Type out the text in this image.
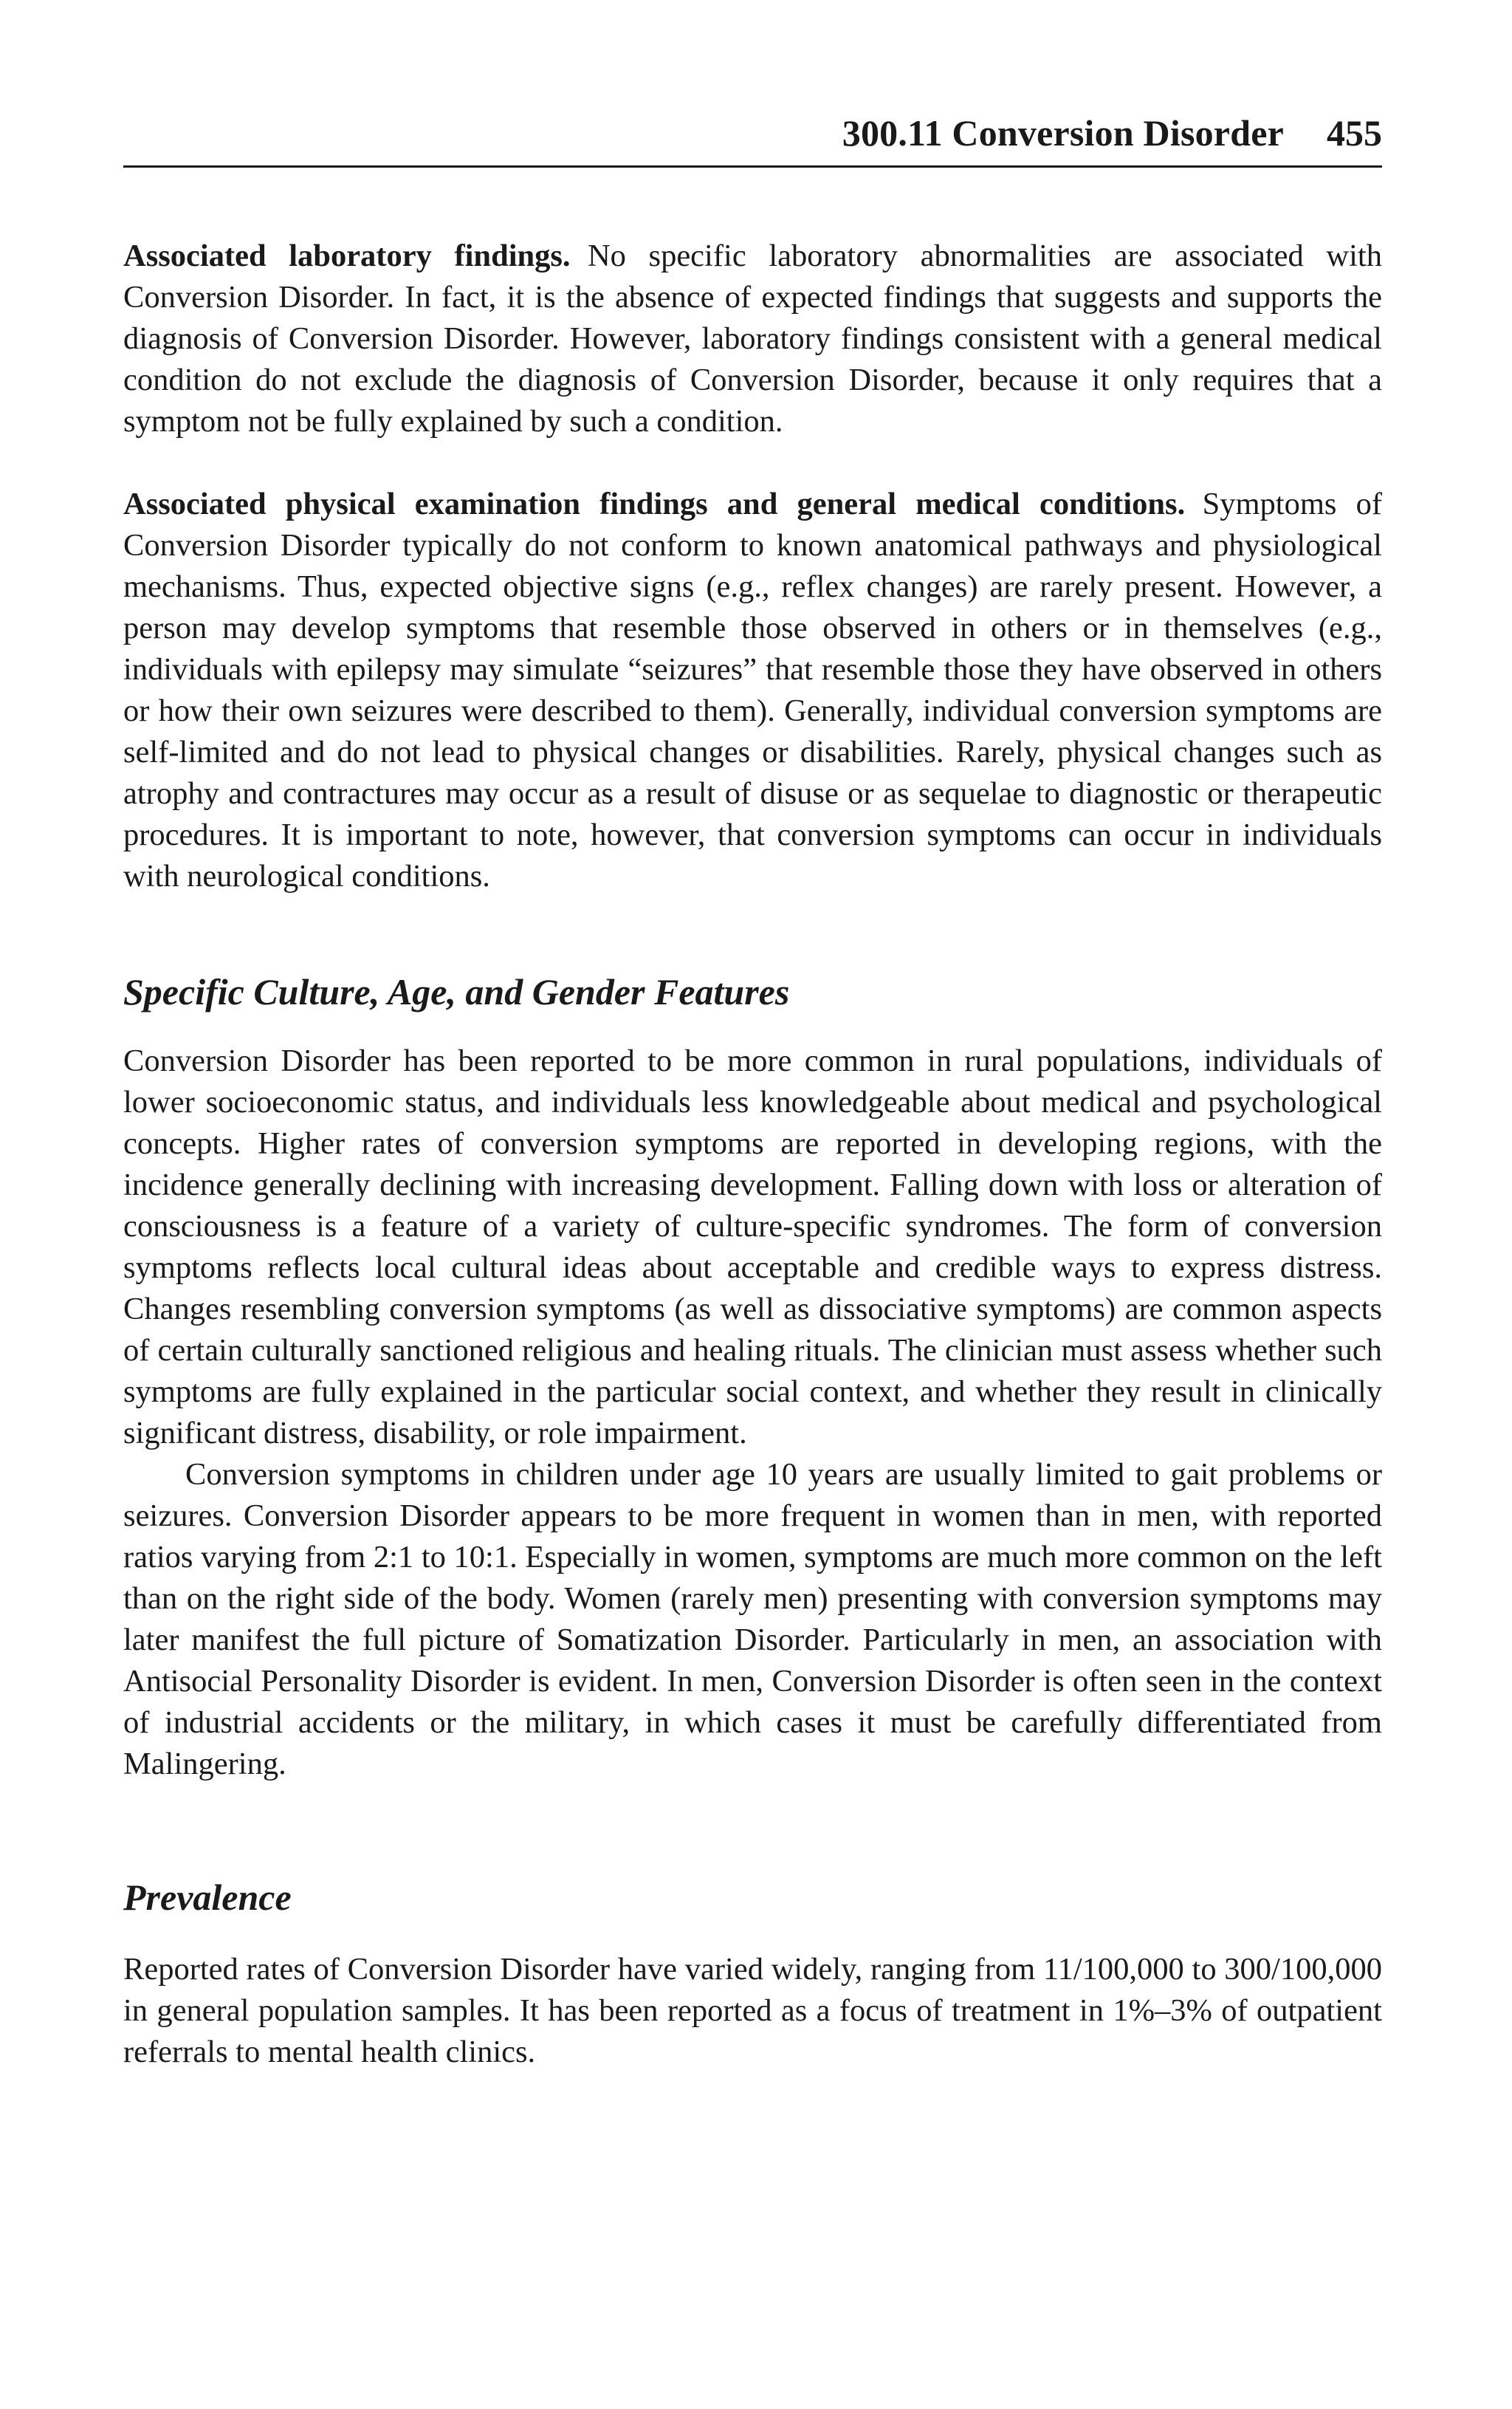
300.11 Conversion Disorder 455

Associated laboratory findings. No specific laboratory abnormalities are associated with Conversion Disorder. In fact, it is the absence of expected findings that suggests and supports the diagnosis of Conversion Disorder. However, laboratory findings consistent with a general medical condition do not exclude the diagnosis of Conversion Disorder, because it only requires that a symptom not be fully explained by such a condition.

Associated physical examination findings and general medical conditions. Symptoms of Conversion Disorder typically do not conform to known anatomical pathways and physiological mechanisms. Thus, expected objective signs (e.g., reflex changes) are rarely present. However, a person may develop symptoms that resemble those observed in others or in themselves (e.g., individuals with epilepsy may simulate “seizures” that resemble those they have observed in others or how their own seizures were described to them). Generally, individual conversion symptoms are self-limited and do not lead to physical changes or disabilities. Rarely, physical changes such as atrophy and contractures may occur as a result of disuse or as sequelae to diagnostic or therapeutic procedures. It is important to note, however, that conversion symptoms can occur in individuals with neurological conditions.

Specific Culture, Age, and Gender Features

Conversion Disorder has been reported to be more common in rural populations, individuals of lower socioeconomic status, and individuals less knowledgeable about medical and psychological concepts. Higher rates of conversion symptoms are reported in developing regions, with the incidence generally declining with increasing development. Falling down with loss or alteration of consciousness is a feature of a variety of culture-specific syndromes. The form of conversion symptoms reflects local cultural ideas about acceptable and credible ways to express distress. Changes resembling conversion symptoms (as well as dissociative symptoms) are common aspects of certain culturally sanctioned religious and healing rituals. The clinician must assess whether such symptoms are fully explained in the particular social context, and whether they result in clinically significant distress, disability, or role impairment.

Conversion symptoms in children under age 10 years are usually limited to gait problems or seizures. Conversion Disorder appears to be more frequent in women than in men, with reported ratios varying from 2:1 to 10:1. Especially in women, symptoms are much more common on the left than on the right side of the body. Women (rarely men) presenting with conversion symptoms may later manifest the full picture of Somatization Disorder. Particularly in men, an association with Antisocial Personality Disorder is evident. In men, Conversion Disorder is often seen in the context of industrial accidents or the military, in which cases it must be carefully differentiated from Malingering.

Prevalence

Reported rates of Conversion Disorder have varied widely, ranging from 11/100,000 to 300/100,000 in general population samples. It has been reported as a focus of treatment in 1%–3% of outpatient referrals to mental health clinics.
